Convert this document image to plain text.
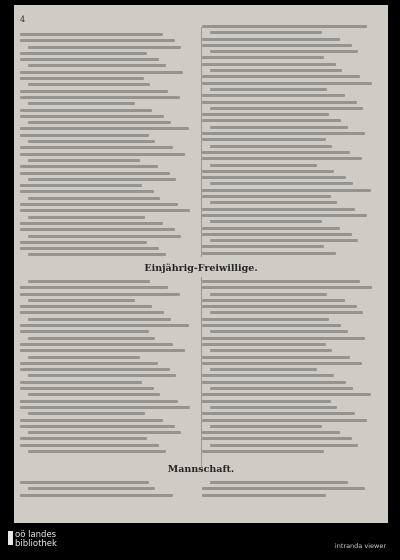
4
Einjährig-Freiwillige.
Mannschaft.
oö landes
bibliothek	intranda viewer
